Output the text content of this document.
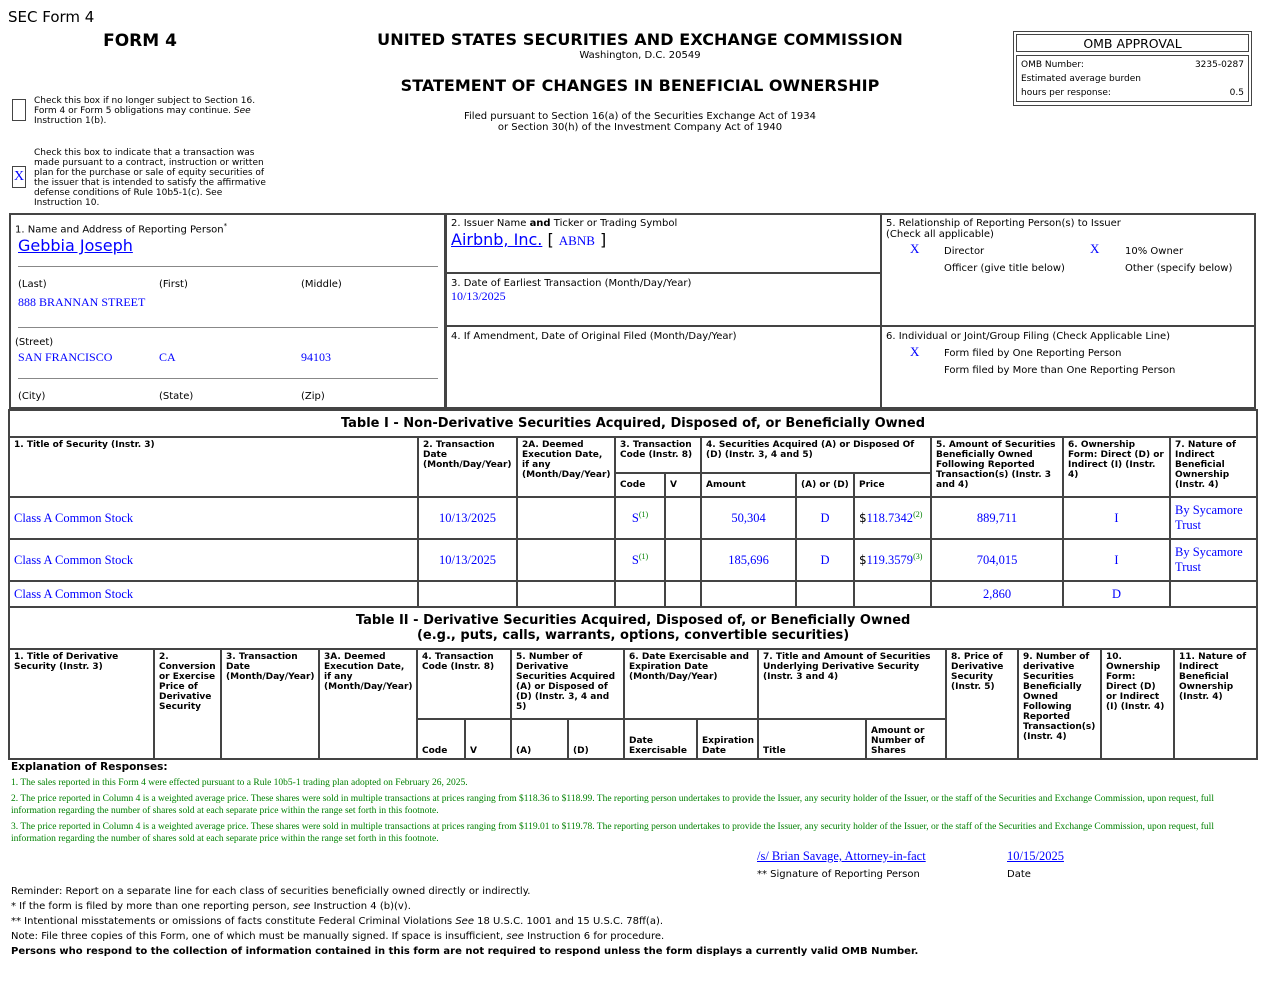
SEC Form 4
FORM 4	UNITED STATES SECURITIES AND EXCHANGE COMMISSION
Washington, D.C. 20549
STATEMENT OF CHANGES IN BENEFICIAL OWNERSHIP
Filed pursuant to Section 16(a) of the Securities Exchange Act of 1934
or Section 30(h) of the Investment Company Act of 1940
OMB APPROVAL
OMB Number:	3235-0287
Estimated average burden
hours per response:	0.5
Check this box if no longer subject to Section 16. Form 4 or Form 5 obligations may continue. See Instruction 1(b).
X
Check this box to indicate that a transaction was made pursuant to a contract, instruction or written plan for the purchase or sale of equity securities of the issuer that is intended to satisfy the affirmative defense conditions of Rule 10b5-1(c). See Instruction 10.
1. Name and Address of Reporting Person*
Gebbia Joseph
(Last)	(First)	(Middle)
888 BRANNAN STREET
(Street)
SAN FRANCISCO	CA	94103
(City)	(State)	(Zip)
2. Issuer Name and Ticker or Trading Symbol
Airbnb, Inc. [ ABNB ]
3. Date of Earliest Transaction (Month/Day/Year)
10/13/2025
4. If Amendment, Date of Original Filed (Month/Day/Year)
5. Relationship of Reporting Person(s) to Issuer
(Check all applicable)
X Director	X	10% Owner
Officer (give title below)	Other (specify below)
6. Individual or Joint/Group Filing (Check Applicable Line)
X Form filed by One Reporting Person
Form filed by More than One Reporting Person
Table I - Non-Derivative Securities Acquired, Disposed of, or Beneficially Owned										
1. Title of Security (Instr. 3)	2. Transaction Date (Month/Day/Year)	2A. Deemed Execution Date, if any (Month/Day/Year)	3. Transaction Code (Instr. 8)		4. Securities Acquired (A) or Disposed Of (D) (Instr. 3, 4 and 5)			5. Amount of Securities Beneficially Owned Following Reported Transaction(s) (Instr. 3 and 4)	6. Ownership Form: Direct (D) or Indirect (I) (Instr. 4)	7. Nature of Indirect Beneficial Ownership (Instr. 4)
			Code	V	Amount	(A) or (D)	Price			
Class A Common Stock	10/13/2025		S$^{(1)}$		50,304	D	$118.7342$^{(2)}$	889,711	I	By Sycamore Trust
Class A Common Stock	10/13/2025		S$^{(1)}$		185,696	D	$119.3579$^{(3)}$	704,015	I	By Sycamore Trust
Class A Common Stock								2,860	D	
Table II - Derivative Securities Acquired, Disposed of, or Beneficially Owned
(e.g., puts, calls, warrants, options, convertible securities)															

1. Title of Derivative Security (Instr. 3)	2. Conversion or Exercise Price of Derivative Security	3. Transaction Date (Month/Day/Year)	3A. Deemed Execution Date, if any (Month/Day/Year)	4. Transaction Code (Instr. 8)		5. Number of Derivative Securities Acquired (A) or Disposed of (D) (Instr. 3, 4 and 5)		6. Date Exercisable and Expiration Date (Month/Day/Year)		7. Title and Amount of Securities Underlying Derivative Security (Instr. 3 and 4)		8. Price of Derivative Security (Instr. 5)	9. Number of derivative Securities Beneficially Owned Following Reported Transaction(s) (Instr. 4)	10. Ownership Form: Direct (D) or Indirect (I) (Instr. 4)	11. Nature of Indirect Beneficial Ownership (Instr. 4)
				Code	V	(A)	(D)	Date Exercisable	Expiration Date	Title	Amount or Number of Shares				
Explanation of Responses:
1. The sales reported in this Form 4 were effected pursuant to a Rule 10b5-1 trading plan adopted on February 26, 2025.
2. The price reported in Column 4 is a weighted average price. These shares were sold in multiple transactions at prices ranging from $118.36 to $118.99. The reporting person undertakes to provide the Issuer, any security holder of the Issuer, or the staff of the Securities and Exchange Commission, upon request, full information regarding the number of shares sold at each separate price within the range set forth in this footnote.
3. The price reported in Column 4 is a weighted average price. These shares were sold in multiple transactions at prices ranging from $119.01 to $119.78. The reporting person undertakes to provide the Issuer, any security holder of the Issuer, or the staff of the Securities and Exchange Commission, upon request, full information regarding the number of shares sold at each separate price within the range set forth in this footnote.
/s/ Brian Savage, Attorney-in-fact	10/15/2025
** Signature of Reporting Person	Date
Reminder: Report on a separate line for each class of securities beneficially owned directly or indirectly.
* If the form is filed by more than one reporting person, see Instruction 4 (b)(v).
** Intentional misstatements or omissions of facts constitute Federal Criminal Violations See 18 U.S.C. 1001 and 15 U.S.C. 78ff(a).
Note: File three copies of this Form, one of which must be manually signed. If space is insufficient, see Instruction 6 for procedure.
Persons who respond to the collection of information contained in this form are not required to respond unless the form displays a currently valid OMB Number.
